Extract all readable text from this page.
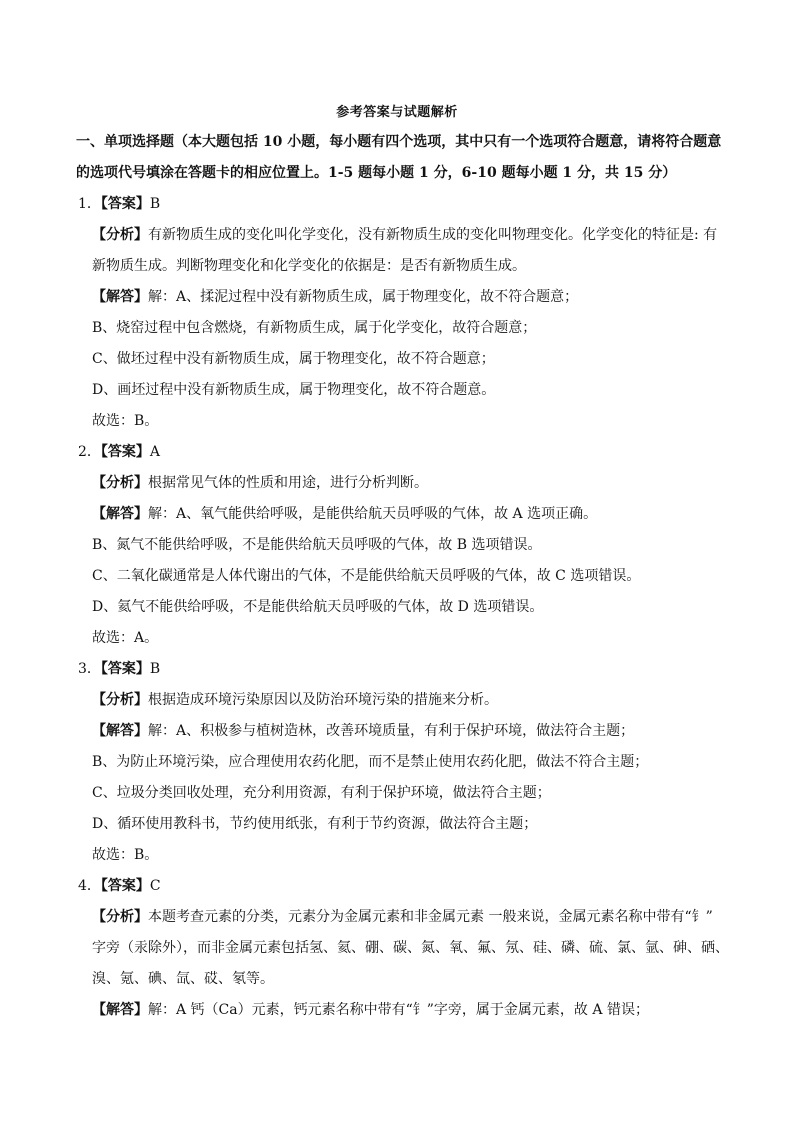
参考答案与试题解析
一、单项选择题（本大题包括 10 小题，每小题有四个选项，其中只有一个选项符合题意，请将符合题意
的选项代号填涂在答题卡的相应位置上。1-5 题每小题 1 分，6-10 题每小题 1 分，共 15 分）
1．【答案】B
【分析】有新物质生成的变化叫化学变化，没有新物质生成的变化叫物理变化。化学变化的特征是: 有
新物质生成。判断物理变化和化学变化的依据是：是否有新物质生成。
【解答】解：A、揉泥过程中没有新物质生成，属于物理变化，故不符合题意；
B、烧窑过程中包含燃烧，有新物质生成，属于化学变化，故符合题意；
C、做坯过程中没有新物质生成，属于物理变化，故不符合题意；
D、画坯过程中没有新物质生成，属于物理变化，故不符合题意。
故选：B。
2．【答案】A
【分析】根据常见气体的性质和用途，进行分析判断。
【解答】解：A、氧气能供给呼吸，是能供给航天员呼吸的气体，故 A 选项正确。
B、氮气不能供给呼吸，不是能供给航天员呼吸的气体，故 B 选项错误。
C、二氧化碳通常是人体代谢出的气体，不是能供给航天员呼吸的气体，故 C 选项错误。
D、氦气不能供给呼吸，不是能供给航天员呼吸的气体，故 D 选项错误。
故选：A。
3．【答案】B
【分析】根据造成环境污染原因以及防治环境污染的措施来分析。
【解答】解：A、积极参与植树造林，改善环境质量，有利于保护环境，做法符合主题；
B、为防止环境污染，应合理使用农药化肥，而不是禁止使用农药化肥，做法不符合主题；
C、垃圾分类回收处理，充分利用资源，有利于保护环境，做法符合主题；
D、循环使用教科书，节约使用纸张，有利于节约资源，做法符合主题；
故选：B。
4．【答案】C
【分析】本题考查元素的分类，元素分为金属元素和非金属元素 一般来说，金属元素名称中带有“钅”
字旁（汞除外），而非金属元素包括氢、氦、硼、碳、氮、氧、氟、氖、硅、磷、硫、氯、氩、砷、硒、
溴、氪、碘、氙、砹、氡等。
【解答】解：A 钙（Ca）元素，钙元素名称中带有“钅”字旁，属于金属元素，故 A 错误；
